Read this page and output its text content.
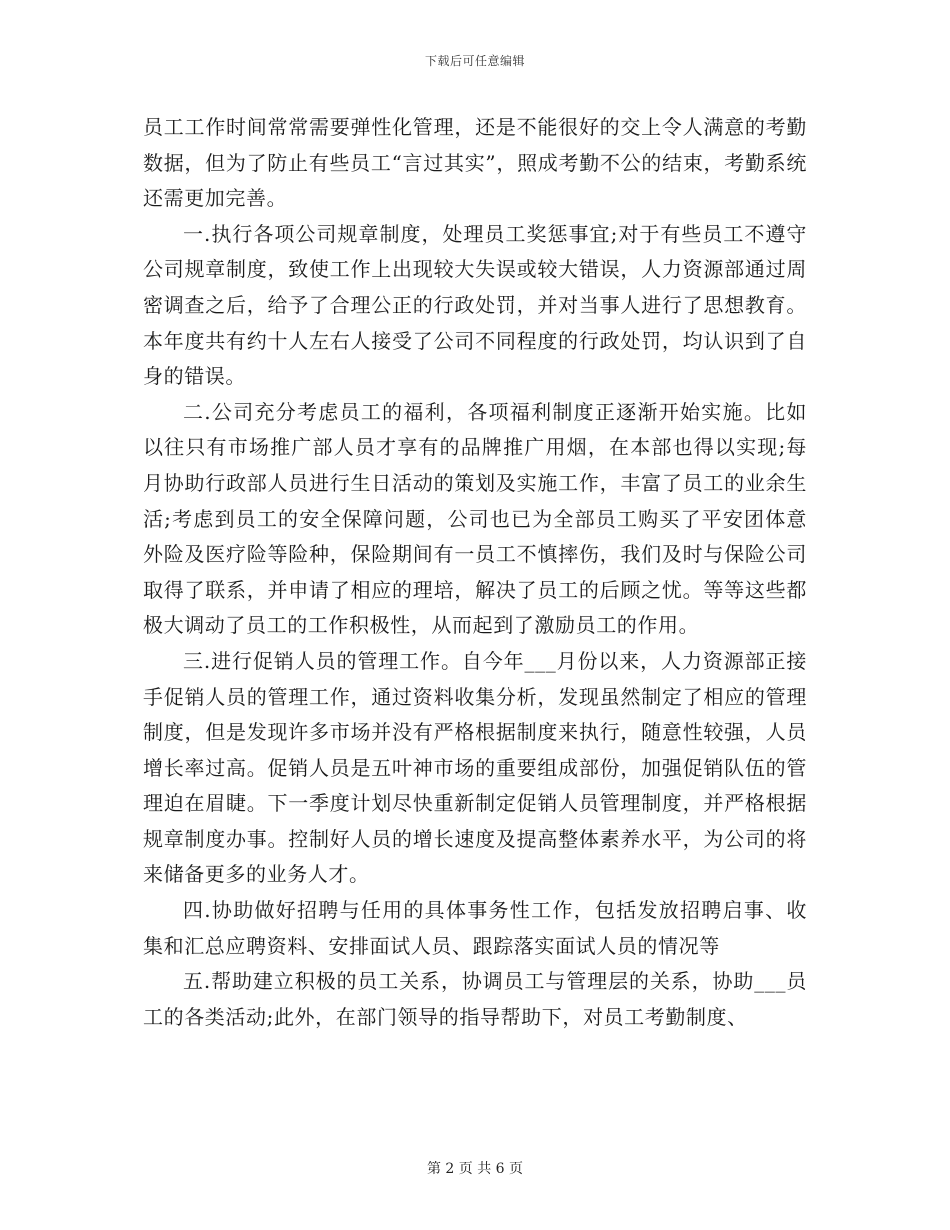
下载后可任意编辑

员工工作时间常常需要弹性化管理，还是不能很好的交上令人满意的考勤数据，但为了防止有些员工“言过其实”，照成考勤不公的结束，考勤系统还需更加完善。

一.执行各项公司规章制度，处理员工奖惩事宜;对于有些员工不遵守公司规章制度，致使工作上出现较大失误或较大错误，人力资源部通过周密调查之后，给予了合理公正的行政处罚，并对当事人进行了思想教育。本年度共有约十人左右人接受了公司不同程度的行政处罚，均认识到了自身的错误。

二.公司充分考虑员工的福利，各项福利制度正逐渐开始实施。比如以往只有市场推广部人员才享有的品牌推广用烟，在本部也得以实现;每月协助行政部人员进行生日活动的策划及实施工作，丰富了员工的业余生活;考虑到员工的安全保障问题，公司也已为全部员工购买了平安团体意外险及医疗险等险种，保险期间有一员工不慎摔伤，我们及时与保险公司取得了联系，并申请了相应的理培，解决了员工的后顾之忧。等等这些都极大调动了员工的工作积极性，从而起到了激励员工的作用。

三.进行促销人员的管理工作。自今年___月份以来，人力资源部正接手促销人员的管理工作，通过资料收集分析，发现虽然制定了相应的管理制度，但是发现许多市场并没有严格根据制度来执行，随意性较强，人员增长率过高。促销人员是五叶神市场的重要组成部份，加强促销队伍的管理迫在眉睫。下一季度计划尽快重新制定促销人员管理制度，并严格根据规章制度办事。控制好人员的增长速度及提高整体素养水平，为公司的将来储备更多的业务人才。

四.协助做好招聘与任用的具体事务性工作，包括发放招聘启事、收集和汇总应聘资料、安排面试人员、跟踪落实面试人员的情况等

五.帮助建立积极的员工关系，协调员工与管理层的关系，协助___员工的各类活动;此外，在部门领导的指导帮助下，对员工考勤制度、

第 2 页 共 6 页
